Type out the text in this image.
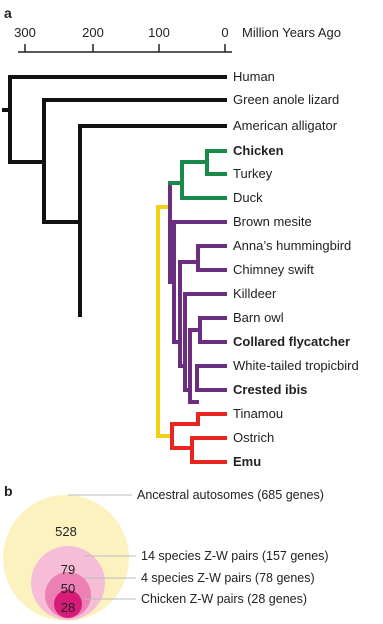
a
300	200	100	0 Million Years Ago
Human
Green anole lizard
American alligator
Chicken
Turkey
Duck
Brown mesite
Anna’s hummingbird
Chimney swift
Killdeer
Barn owl
Collared flycatcher
White-tailed tropicbird
Crested ibis
Tinamou
Ostrich
Emu
b
528
79
50
28
Ancestral autosomes (685 genes)
14 species Z-W pairs (157 genes)
4 species Z-W pairs (78 genes)
Chicken Z-W pairs (28 genes)
